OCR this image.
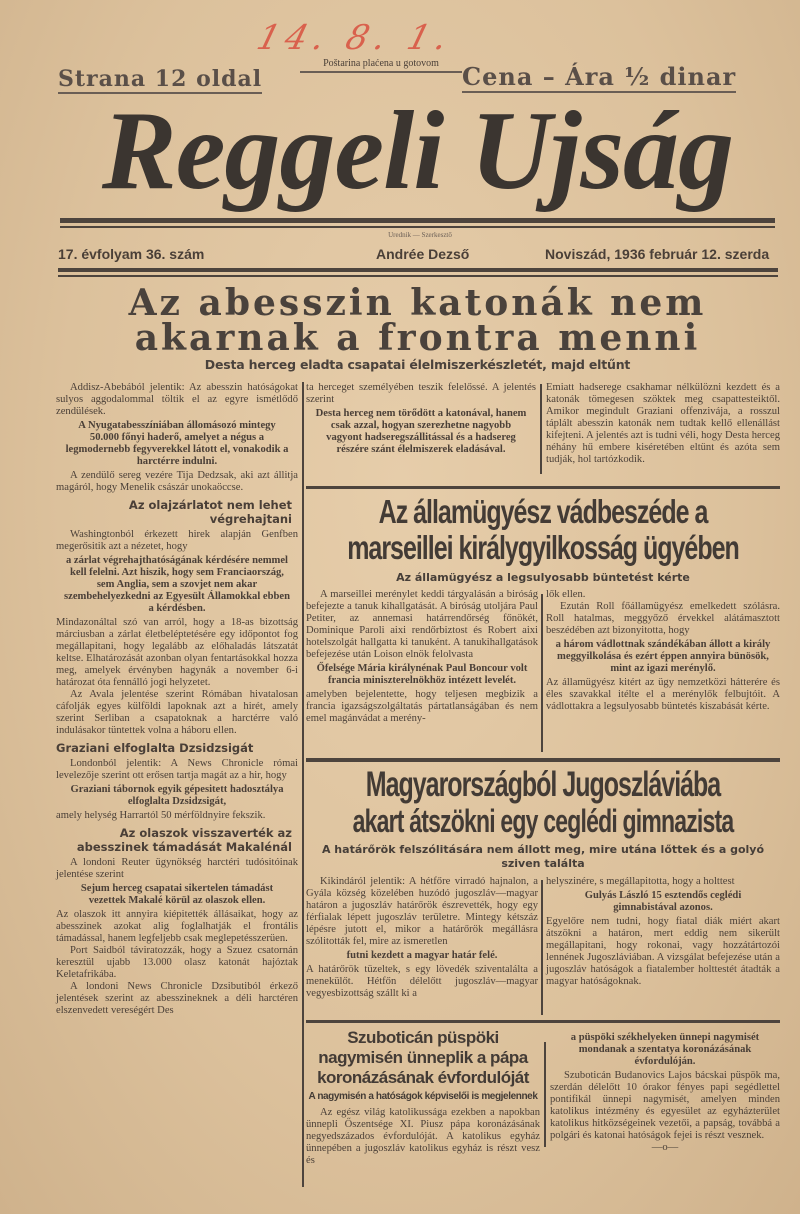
14. 8. 1.
Strana 12 oldal
Poštarina plaćena u gotovom Cena – Ára ½ dinar
Reggeli Ujság
Urednik — Szerkesztő
17. évfolyam 36. szám	Andrée Dezső	Noviszád, 1936 február 12. szerda
Az abesszin katonák nem
akarnak a frontra menni
Desta herceg eladta csapatai élelmiszerkészletét, majd eltűnt

Addisz-Abebából jelentik: Az abesszin hatóságokat sulyos aggodalommal töltik el az egyre ismétlődő zendülések.

A Nyugatabesszíniában állomásozó mintegy 50.000 főnyi haderő, amelyet a négus a legmodernebb fegyverekkel látott el, vonakodik a harctérre indulni.

A zendülő sereg vezére Tija Dedzsak, aki azt állitja magáról, hogy Menelik császár unokaöccse.

Az olajzárlatot nem lehet végrehajtani

Washingtonból érkezett hirek alapján Genfben megerősitik azt a nézetet, hogy

a zárlat végrehajthatóságának kérdésére nemmel kell felelni. Azt hiszik, hogy sem Franciaország, sem Anglia, sem a szovjet nem akar szembehelyezkedni az Egyesült Államokkal ebben a kérdésben.

Mindazonáltal szó van arról, hogy a 18-as bizottság márciusban a zárlat életbeléptetésére egy időpontot fog megállapitani, hogy legalább az előhaladás látszatát keltse. Elhatározását azonban olyan fentartásokkal hozza meg, amelyek érvényben hagynák a november 6-i határozat óta fennálló jogi helyzetet.

Az Avala jelentése szerint Rómában hivatalosan cáfolják egyes külföldi lapoknak azt a hirét, amely szerint Serliban a csapatoknak a harctérre való indulásakor tüntettek volna a háboru ellen.

Graziani elfoglalta Dzsidzsigát

Londonból jelentik: A News Chronicle római levelezője szerint ott erősen tartja magát az a hir, hogy

Graziani tábornok egyik gépesitett hadosztálya elfoglalta Dzsidzsigát,

amely helység Harrartól 50 mérföldnyire fekszik.

Az olaszok visszaverték az abesszinek támadását Makalénál

A londoni Reuter ügynökség harctéri tudósitóinak jelentése szerint

Sejum herceg csapatai sikertelen támadást vezettek Makalé körül az olaszok ellen.

Az olaszok itt annyira kiépitették állásaikat, hogy az abesszinek azokat alig foglalhatják el frontális támadással, hanem legfeljebb csak meglepetésszerüen.

Port Saidból táviratozzák, hogy a Szuez csatornán keresztül ujabb 13.000 olasz katonát hajóztak Keletafrikába.

A londoni News Chronicle Dzsibutiból érkező jelentések szerint az abesszineknek a déli harctéren elszenvedett vereségért Des

ta herceget személyében teszik felelőssé. A jelentés szerint

Desta herceg nem törődött a katonával, hanem csak azzal, hogyan szerezhetne nagyobb vagyont hadseregszállitással és a hadsereg részére szánt élelmiszerek eladásával.

Emiatt hadserege csakhamar nélkülözni kezdett és a katonák tömegesen szöktek meg csapattesteiktől. Amikor megindult Graziani offenzivája, a rosszul táplált abesszin katonák nem tudtak kellő ellenállást kifejteni. A jelentés azt is tudni véli, hogy Desta herceg néhány hű embere kiséretében eltünt és azóta sem tudják, hol tartózkodik.

Az államügyész vádbeszéde a
marseillei királygyilkosság ügyében
Az államügyész a legsulyosabb büntetést kérte

A marseillei merénylet keddi tárgyalásán a biróság befejezte a tanuk kihallgatását. A biróság utoljára Paul Petiter, az annemasi határrendőrség főnökét, Dominique Paroli aixi rendőrbiztost és Robert aixi hotelszolgát hallgatta ki tanuként. A tanukihallgatások befejezése után Loison elnök felolvasta

Őfelsége Mária királynénak Paul Boncour volt francia miniszterelnökhöz intézett levelét.

amelyben bejelentette, hogy teljesen megbizik a francia igazságszolgáltatás pártatlanságában és nem emel magánvádat a merény-

lők ellen.

Ezután Roll főállamügyész emelkedett szólásra. Roll hatalmas, meggyőző érvekkel alátámasztott beszédében azt bizonyitotta, hogy

a három vádlottnak szándékában állott a király meggyilkolása és ezért éppen annyira bünösök, mint az igazi merénylő.

Az államügyész kitért az ügy nemzetközi hátterére és éles szavakkal itélte el a merénylők felbujtóit. A vádlottakra a legsulyosabb büntetés kiszabását kérte.

Magyarországból Jugoszláviába
akart átszökni egy ceglédi gimnazista
A határőrök felszólitására nem állott meg, mire utána lőttek és a golyó sziven találta

Kikindáról jelentik: A hétfőre virradó hajnalon, a Gyála község közelében huzódó jugoszláv—magyar határon a jugoszláv határőrök észrevették, hogy egy férfialak lépett jugoszláv területre. Mintegy kétszáz lépésre jutott el, mikor a határőrök megállásra szólitották fel, mire az ismeretlen

futni kezdett a magyar határ felé.

A határőrök tüzeltek, s egy lövedék sziventalálta a menekülőt. Hétfőn délelőtt jugoszláv—magyar vegyesbizottság szállt ki a

helyszinére, s megállapitotta, hogy a holttest

Gulyás László 15 esztendős ceglédi gimnabistával azonos.

Egyelőre nem tudni, hogy fiatal diák miért akart átszökni a határon, mert eddig nem sikerült megállapitani, hogy rokonai, vagy hozzátártozói lennének Jugoszláviában. A vizsgálat befejezése után a jugoszláv hatóságok a fiatalember holttestét átadták a magyar hatóságoknak.

Szuboticán püspöki nagymisén ünneplik a pápa koronázásának évfordulóját
A nagymisén a hatóságok képviselői is megjelennek

Az egész világ katolikussága ezekben a napokban ünnepli Őszentsége XI. Piusz pápa koronázásának negyedszázados évfordulóját. A katolikus egyház ünnepében a jugoszláv katolikus egyház is részt vesz és

a püspöki székhelyeken ünnepi nagymisét mondanak a szentatya koronázásának évfordulóján.

Szuboticán Budanovics Lajos bácskai püspök ma, szerdán délelőtt 10 órakor fényes papi segédlettel pontifikál ünnepi nagymisét, amelyen minden katolikus intézmény és egyesület az egyházterület katolikus hitközségeinek vezetői, a papság, továbbá a polgári és katonai hatóságok fejei is részt vesznek.

—o—
